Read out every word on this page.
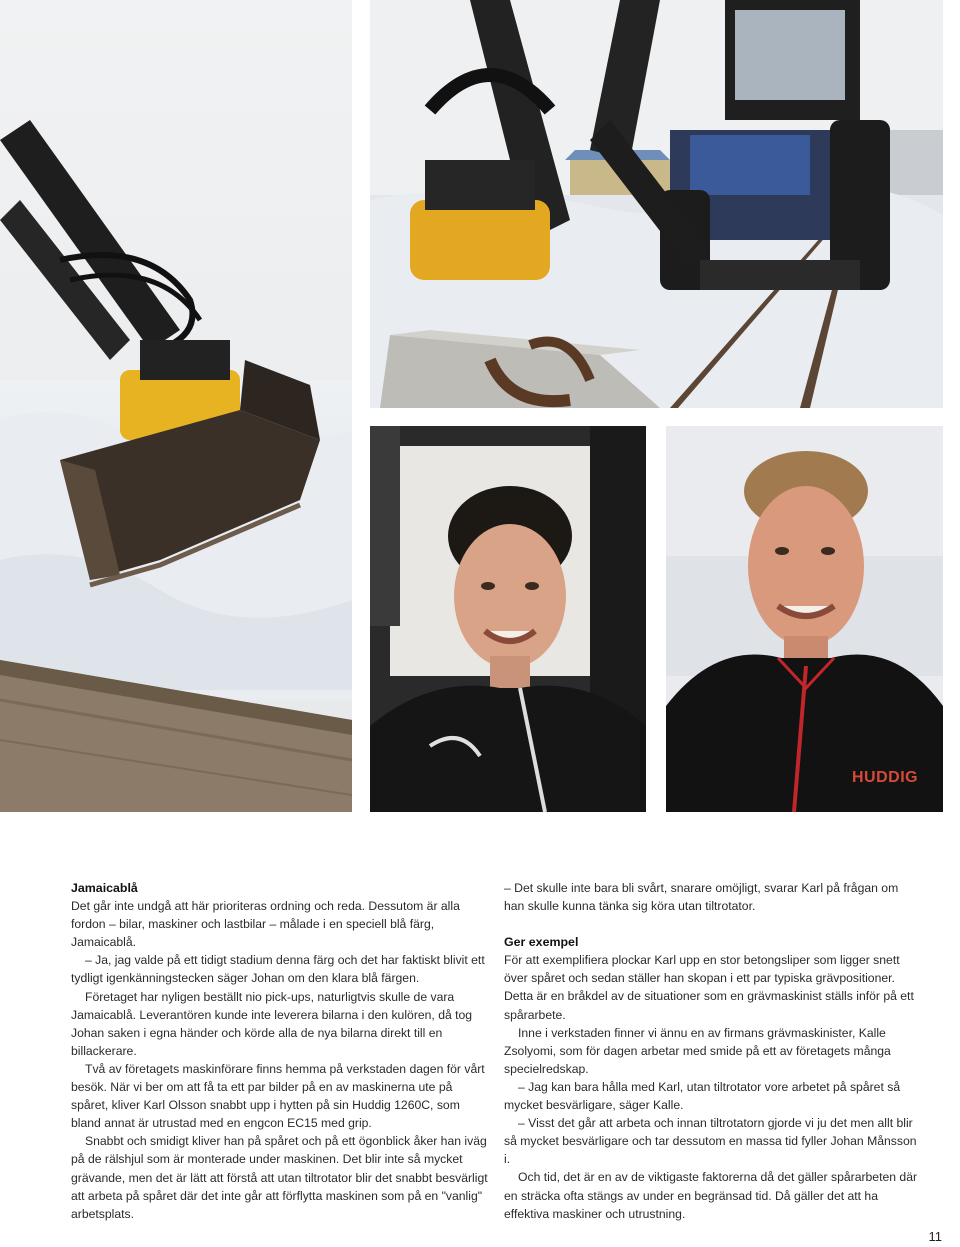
HUDDIG
Jamaicablå

Det går inte undgå att här prioriteras ordning och reda. Dessutom är alla fordon – bilar, maskiner och lastbilar – målade i en speciell blå färg, Jamaicablå.

– Ja, jag valde på ett tidigt stadium denna färg och det har faktiskt blivit ett tydligt igenkänningstecken säger Johan om den klara blå färgen.

Företaget har nyligen beställt nio pick-ups, naturligtvis skulle de vara Jamaicablå. Leverantören kunde inte leverera bilarna i den kulören, då tog Johan saken i egna händer och körde alla de nya bilarna direkt till en billackerare.

Två av företagets maskinförare finns hemma på verkstaden dagen för vårt besök. När vi ber om att få ta ett par bilder på en av maskinerna ute på spåret, kliver Karl Olsson snabbt upp i hytten på sin Huddig 1260C, som bland annat är utrustad med en engcon EC15 med grip.

Snabbt och smidigt kliver han på spåret och på ett ögonblick åker han iväg på de rälshjul som är monterade under maskinen. Det blir inte så mycket grävande, men det är lätt att förstå att utan tiltrotator blir det snabbt besvärligt att arbeta på spåret där det inte går att förflytta maskinen som på en "vanlig" arbetsplats.

– Det skulle inte bara bli svårt, snarare omöjligt, svarar Karl på frågan om han skulle kunna tänka sig köra utan tiltrotator.

Ger exempel

För att exemplifiera plockar Karl upp en stor betongsliper som ligger snett över spåret och sedan ställer han skopan i ett par typiska grävpositioner. Detta är en bråkdel av de situationer som en grävmaskinist ställs inför på ett spårarbete.

Inne i verkstaden finner vi ännu en av firmans grävmaskinister, Kalle Zsolyomi, som för dagen arbetar med smide på ett av företagets många specielredskap.

– Jag kan bara hålla med Karl, utan tiltrotator vore arbetet på spåret så mycket besvärligare, säger Kalle.

– Visst det går att arbeta och innan tiltrotatorn gjorde vi ju det men allt blir så mycket besvärligare och tar dessutom en massa tid fyller Johan Månsson i.

Och tid, det är en av de viktigaste faktorerna då det gäller spårarbeten där en sträcka ofta stängs av under en begränsad tid. Då gäller det att ha effektiva maskiner och utrustning.

11
